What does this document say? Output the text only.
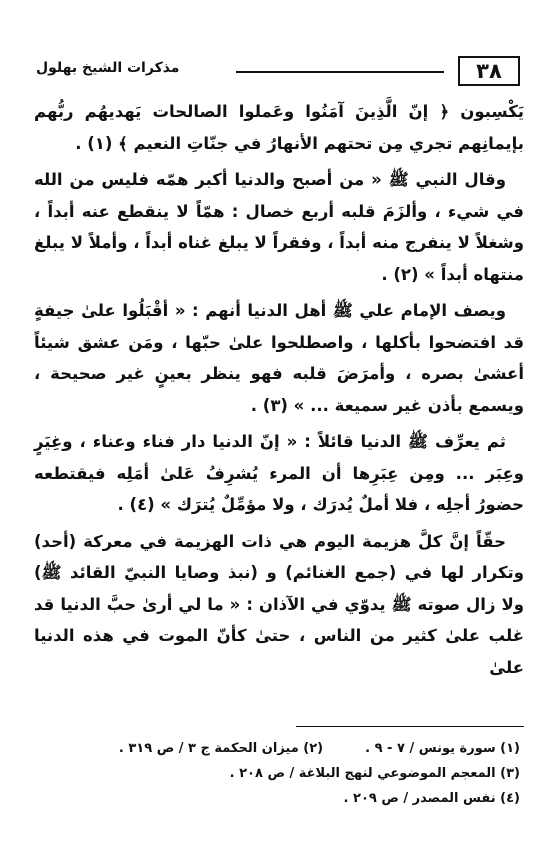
٣٨
مذكرات الشيخ بهلول

يَكْسِبون ﴿ إنّ الَّذِينَ آمَنُوا وعَملوا الصالحات يَهديهُم ربُّهم بإيمانِهم تجري مِن تحتهم الأنهارُ في جنّاتِ النعيم ﴾ (١) .

وقال النبي ﷺ « من أصبح والدنيا أكبر همّه فليس من الله في شيء ، وألزَمَ قلبه أربع خصال : همّاً لا ينقطع عنه أبداً ، وشغلاً لا ينفرج منه أبداً ، وفقراً لا يبلغ غناه أبداً ، وأملاً لا يبلغ منتهاه أبداً » (٢) .

ويصف الإمام علي ﷺ أهل الدنيا أنهم : « أقْبَلُوا علىٰ جيفةٍ قد افتضحوا بأكلها ، واصطلحوا علىٰ حبّها ، ومَن عشق شيئاً أعشىٰ بصره ، وأمرَضَ قلبه فهو ينظر بعينٍ غير صحيحة ، ويسمع بأذن غير سميعة ... » (٣) .

ثم يعرِّف ﷺ الدنيا قائلاً : « إنّ الدنيا دار فناء وعناء ، وغِيَرٍ وعِبَر ... ومِن عِبَرِها أن المرء يُشرِفُ عَلىٰ أمَلِه فيقتطعه حضورُ أجلِه ، فلا أملٌ يُدرَك ، ولا مؤمِّلٌ يُترَك » (٤) .

حقّاً إنَّ كلَّ هزيمة اليوم هي ذات الهزيمة في معركة (أحد) وتكرار لها في (جمع الغنائم) و (نبذ وصايا النبيّ القائد ﷺ) ولا زال صوته ﷺ يدوّي في الآذان : « ما لي أرىٰ حبَّ الدنيا قد غلب علىٰ كثير من الناس ، حتىٰ كأنّ الموت في هذه الدنيا علىٰ

(١) سورة يونس / ٧ - ٩ .(٢) ميزان الحكمة ج ٣ / ص ٣١٩ .
(٣) المعجم الموضوعي لنهج البلاغة / ص ٢٠٨ .
(٤) نفس المصدر / ص ٢٠٩ .
